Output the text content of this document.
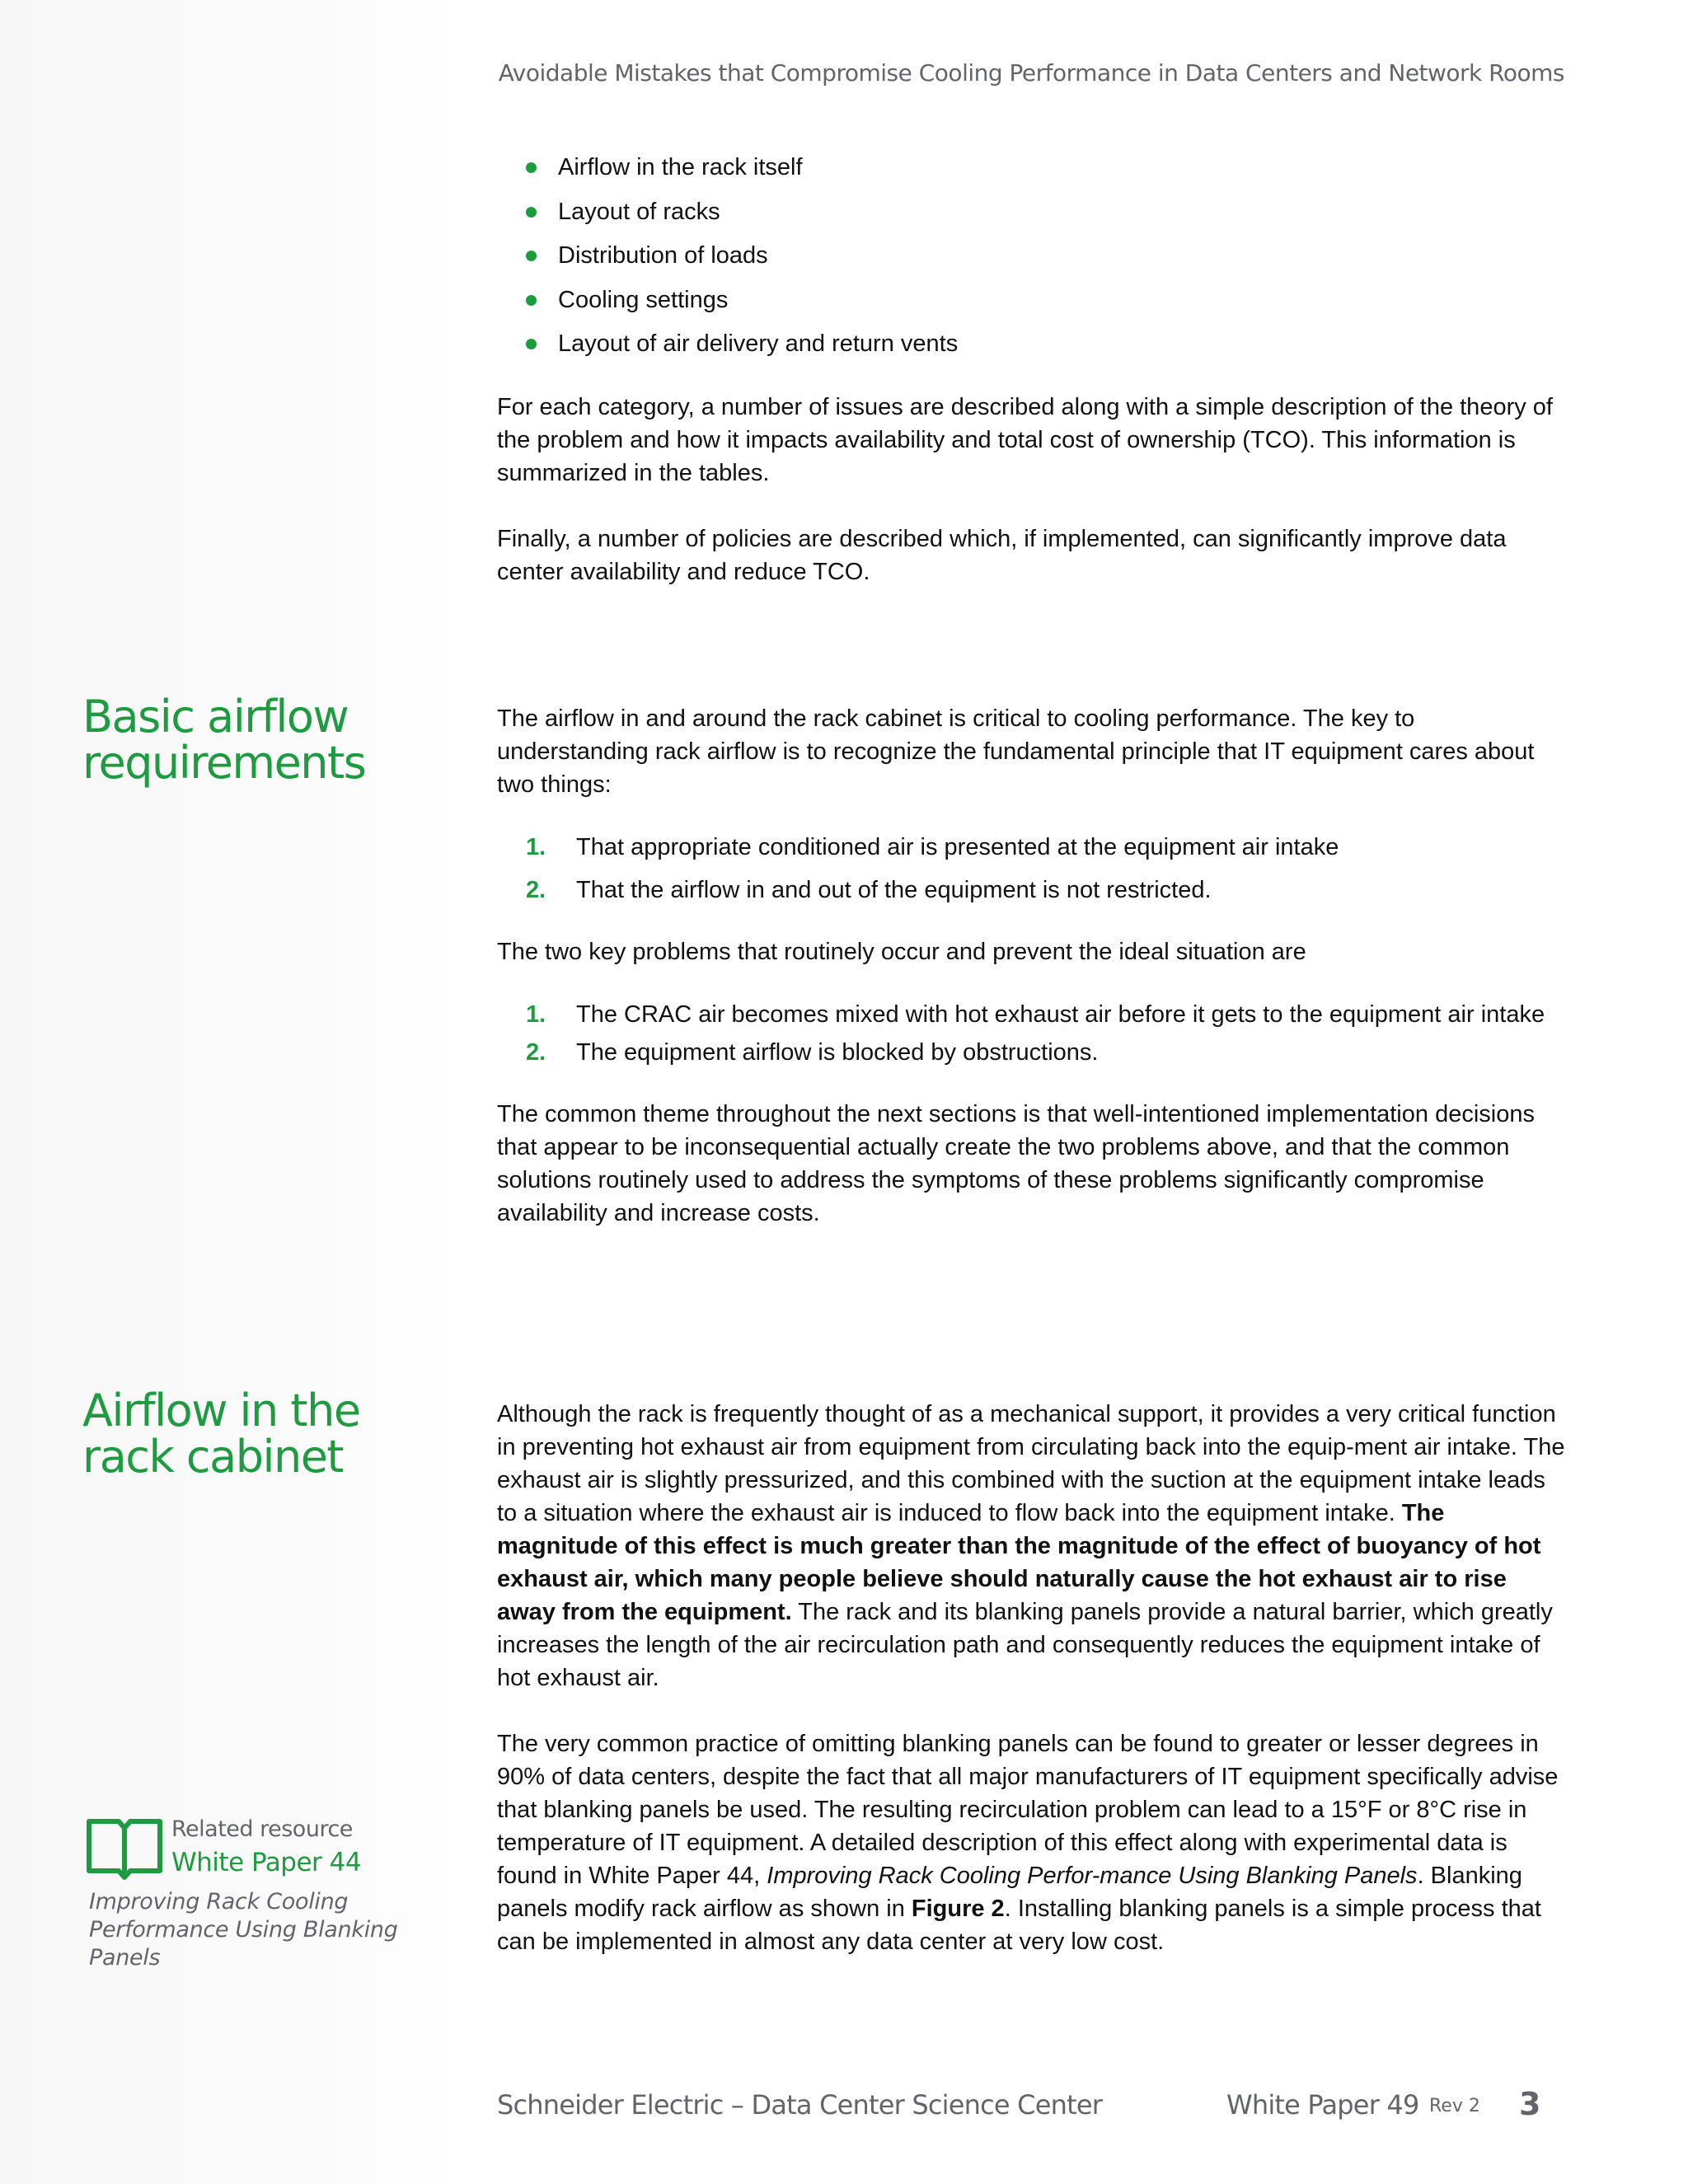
Avoidable Mistakes that Compromise Cooling Performance in Data Centers and Network Rooms
Airflow in the rack itself
Layout of racks
Distribution of loads
Cooling settings
Layout of air delivery and return vents

For each category, a number of issues are described along with a simple description of the theory of the problem and how it impacts availability and total cost of ownership (TCO). This information is summarized in the tables.

Finally, a number of policies are described which, if implemented, can significantly improve data center availability and reduce TCO.

Basic airflow
requirements

The airflow in and around the rack cabinet is critical to cooling performance. The key to understanding rack airflow is to recognize the fundamental principle that IT equipment cares about two things:

1. That appropriate conditioned air is presented at the equipment air intake
2. That the airflow in and out of the equipment is not restricted.

The two key problems that routinely occur and prevent the ideal situation are

1. The CRAC air becomes mixed with hot exhaust air before it gets to the equipment air intake
2. The equipment airflow is blocked by obstructions.

The common theme throughout the next sections is that well-intentioned implementation decisions that appear to be inconsequential actually create the two problems above, and that the common solutions routinely used to address the symptoms of these problems significantly compromise availability and increase costs.

Airflow in the
rack cabinet

Although the rack is frequently thought of as a mechanical support, it provides a very critical function in preventing hot exhaust air from equipment from circulating back into the equip-ment air intake. The exhaust air is slightly pressurized, and this combined with the suction at the equipment intake leads to a situation where the exhaust air is induced to flow back into the equipment intake. The magnitude of this effect is much greater than the magnitude of the effect of buoyancy of hot exhaust air, which many people believe should naturally cause the hot exhaust air to rise away from the equipment. The rack and its blanking panels provide a natural barrier, which greatly increases the length of the air recirculation path and consequently reduces the equipment intake of hot exhaust air.

The very common practice of omitting blanking panels can be found to greater or lesser degrees in 90% of data centers, despite the fact that all major manufacturers of IT equipment specifically advise that blanking panels be used. The resulting recirculation problem can lead to a 15°F or 8°C rise in temperature of IT equipment. A detailed description of this effect along with experimental data is found in White Paper 44, Improving Rack Cooling Perfor-mance Using Blanking Panels. Blanking panels modify rack airflow as shown in Figure 2. Installing blanking panels is a simple process that can be implemented in almost any data center at very low cost.

Related resource
White Paper 44
Improving Rack Cooling Performance Using Blanking Panels
Schneider Electric – Data Center Science Center	White Paper 49 Rev 2 3
